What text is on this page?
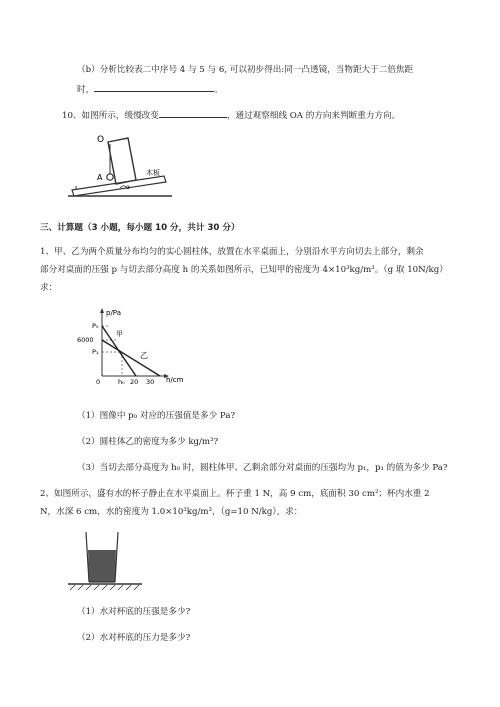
（b）分析比较表二中序号 4 与 5 与 6, 可以初步得出:同一凸透镜，当物距大于二倍焦距
时，	。
10、如图所示，缓慢改变	，通过观察细线 OA 的方向来判断重力方向。
O
A
α
木板
三、计算题（3 小题，每小题 10 分，共计 30 分）
1、甲、乙为两个质量分布均匀的实心圆柱体，放置在水平桌面上，分别沿水平方向切去上部分，剩余
部分对桌面的压强 p 与切去部分高度 h 的关系如图所示，已知甲的密度为 4×10³kg/m³。（g 取 10N/kg）
求：
p/Pa
h/cm
P₀
6000
P₁
0	h₀ 20 30
甲
乙
（1）图像中 p₀ 对应的压强值是多少 Pa?
（2）圆柱体乙的密度为多少 kg/m³?
（3）当切去部分高度为 h₀ 时，圆柱体甲、乙剩余部分对桌面的压强均为 p₁，p₁ 的值为多少 Pa?
2、如图所示，盛有水的杯子静止在水平桌面上。杯子重 1 N，高 9 cm，底面积 30 cm²；杯内水重 2
N，水深 6 cm，水的密度为 1.0×10³kg/m³，（g=10 N/kg），求：
（1）水对杯底的压强是多少?
（2）水对杯底的压力是多少?
